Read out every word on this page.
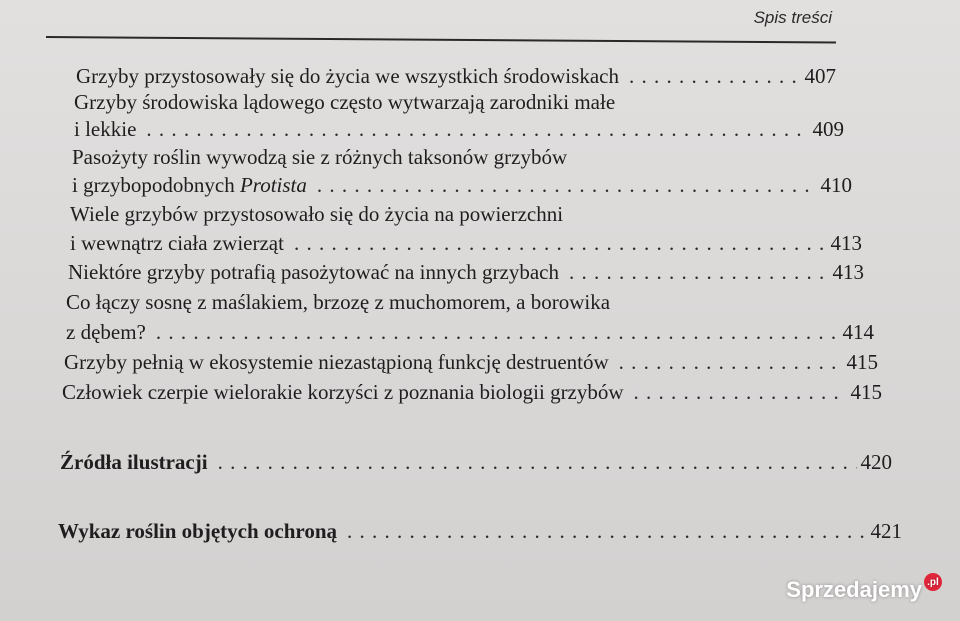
Spis treści
Grzyby przystosowały się do życia we wszystkich środowiskach . . .	407
Grzyby środowiska lądowego często wytwarzają zarodniki małe
i lekkie . . .	409
Pasożyty roślin wywodzą sie z różnych taksonów grzybów
i grzybopodobnych Protista . . .	410
Wiele grzybów przystosowało się do życia na powierzchni
i wewnątrz ciała zwierząt . . .	413
Niektóre grzyby potrafią pasożytować na innych grzybach . . .	413
Co łączy sosnę z maślakiem, brzozę z muchomorem, a borowika
z dębem? . . .	414
Grzyby pełnią w ekosystemie niezastąpioną funkcję destruentów . . .	415
Człowiek czerpie wielorakie korzyści z poznania biologii grzybów . . .	415
Źródła ilustracji . . .	420
Wykaz roślin objętych ochroną . . .	421
Sprzedajemy .pl
